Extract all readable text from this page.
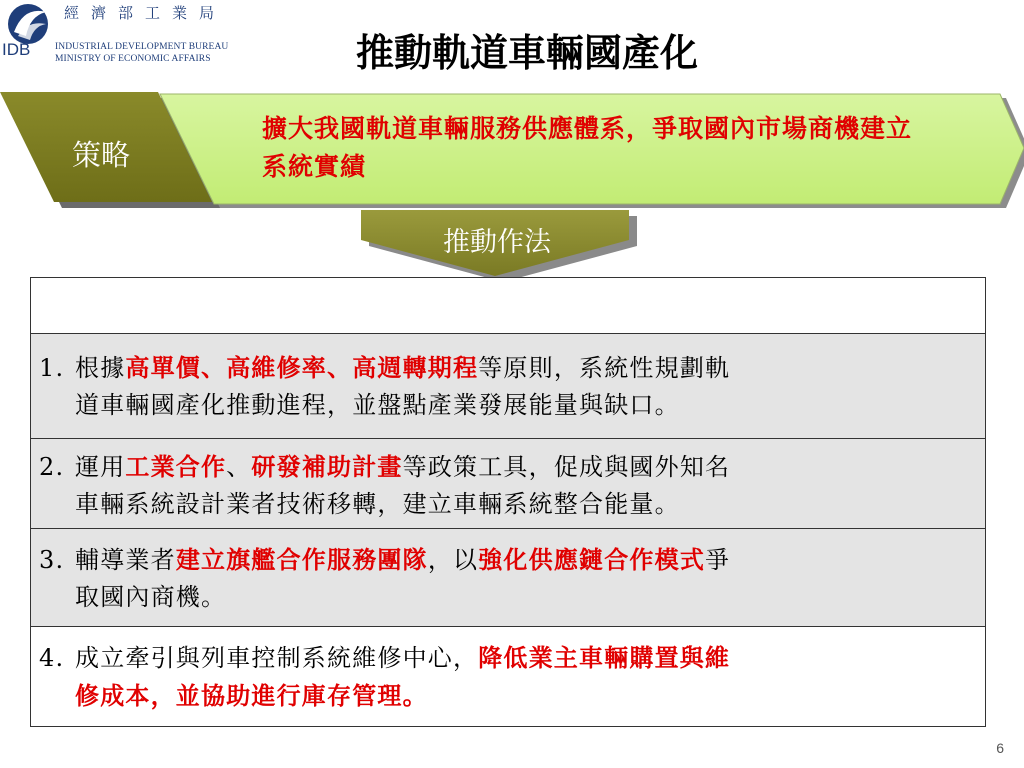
IDB
經濟部工業局
INDUSTRIAL DEVELOPMENT BUREAU
MINISTRY OF ECONOMIC AFFAIRS	推動軌道車輛國產化
策略
擴大我國軌道車輛服務供應體系，爭取國內市場商機建立系統實績
推動作法
1. 根據高單價、高維修率、高週轉期程等原則，系統性規劃軌
道車輛國產化推動進程，並盤點產業發展能量與缺口。
2. 運用工業合作、研發補助計畫等政策工具，促成與國外知名
車輛系統設計業者技術移轉，建立車輛系統整合能量。
3. 輔導業者建立旗艦合作服務團隊，以強化供應鏈合作模式爭
取國內商機。
4. 成立牽引與列車控制系統維修中心，降低業主車輛購置與維
修成本，並協助進行庫存管理。
6
